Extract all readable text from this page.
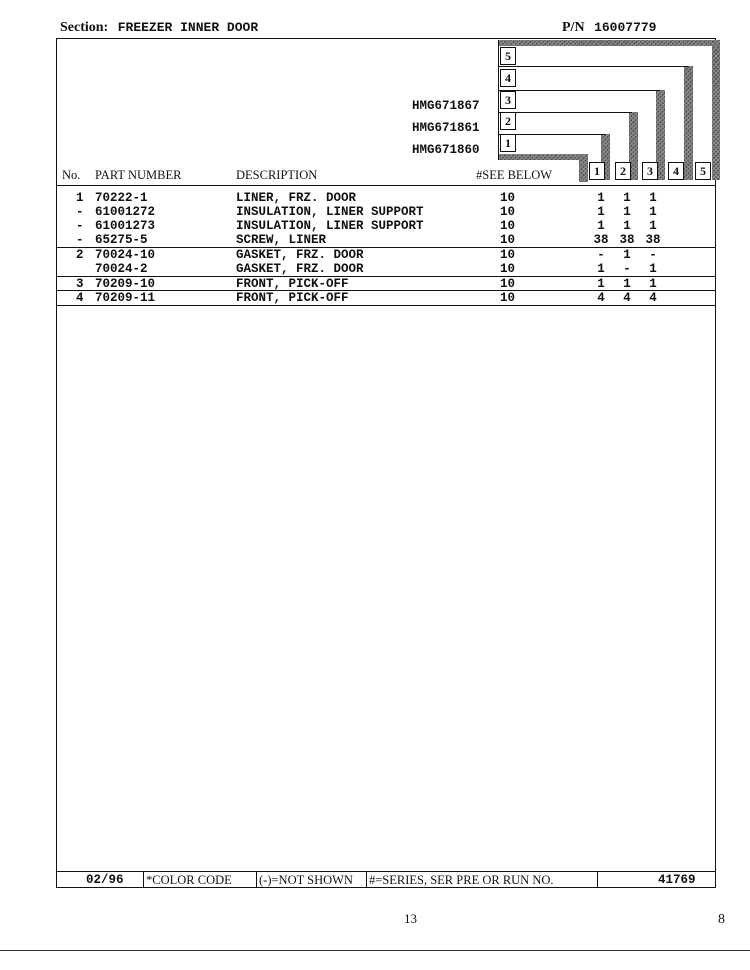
Section: FREEZER INNER DOOR	P/N 16007779
5
4
3
2
1
HMG671867
HMG671861
HMG671860
1	2	3	4	5
No. PART NUMBER	DESCRIPTION	#SEE BELOW
1 70222-1	LINER, FRZ. DOOR	10	1	1	1
- 61001272	INSULATION, LINER SUPPORT	10	1	1	1
- 61001273	INSULATION, LINER SUPPORT	10	1	1	1
- 65275-5	SCREW, LINER	10	38 38 38
2 70024-10	GASKET, FRZ. DOOR	10	-	1	-
70024-2	GASKET, FRZ. DOOR	10	1	-	1
3 70209-10	FRONT, PICK-OFF	10	1	1	1
4 70209-11	FRONT, PICK-OFF	10	4	4	4
02/96 *COLOR CODE (-)=NOT SHOWN #=SERIES, SER PRE OR RUN NO.	41769
13	8
